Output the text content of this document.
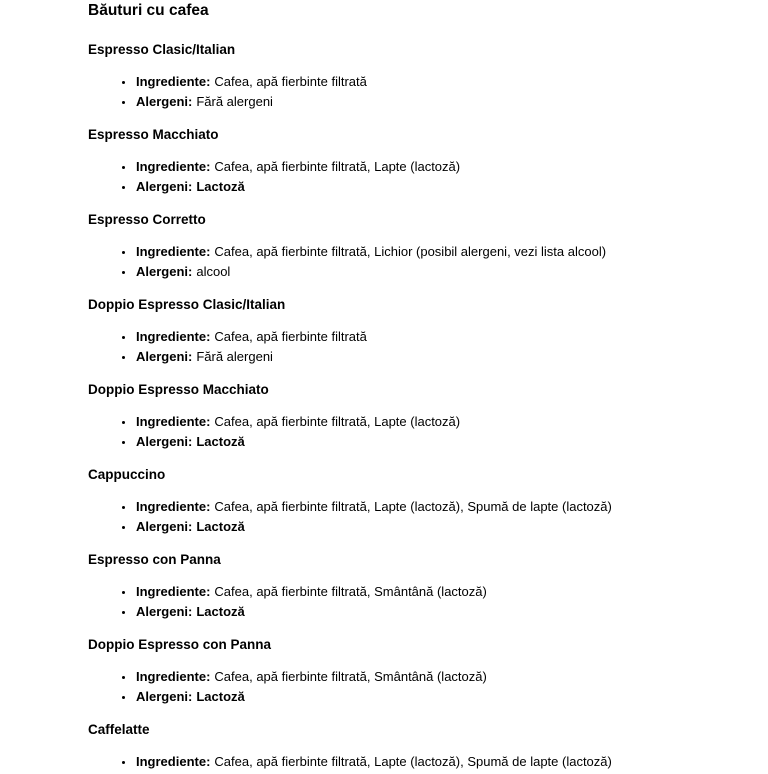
Băuturi cu cafea
Espresso Clasic/Italian
• Ingrediente: Cafea, apă fierbinte filtrată
• Alergeni: Fără alergeni
Espresso Macchiato
• Ingrediente: Cafea, apă fierbinte filtrată, Lapte (lactoză)
• Alergeni: Lactoză
Espresso Corretto
• Ingrediente: Cafea, apă fierbinte filtrată, Lichior (posibil alergeni, vezi lista alcool)
• Alergeni: alcool
Doppio Espresso Clasic/Italian
• Ingrediente: Cafea, apă fierbinte filtrată
• Alergeni: Fără alergeni
Doppio Espresso Macchiato
• Ingrediente: Cafea, apă fierbinte filtrată, Lapte (lactoză)
• Alergeni: Lactoză
Cappuccino
• Ingrediente: Cafea, apă fierbinte filtrată, Lapte (lactoză), Spumă de lapte (lactoză)
• Alergeni: Lactoză
Espresso con Panna
• Ingrediente: Cafea, apă fierbinte filtrată, Smântână (lactoză)
• Alergeni: Lactoză
Doppio Espresso con Panna
• Ingrediente: Cafea, apă fierbinte filtrată, Smântână (lactoză)
• Alergeni: Lactoză
Caffelatte
• Ingrediente: Cafea, apă fierbinte filtrată, Lapte (lactoză), Spumă de lapte (lactoză)
